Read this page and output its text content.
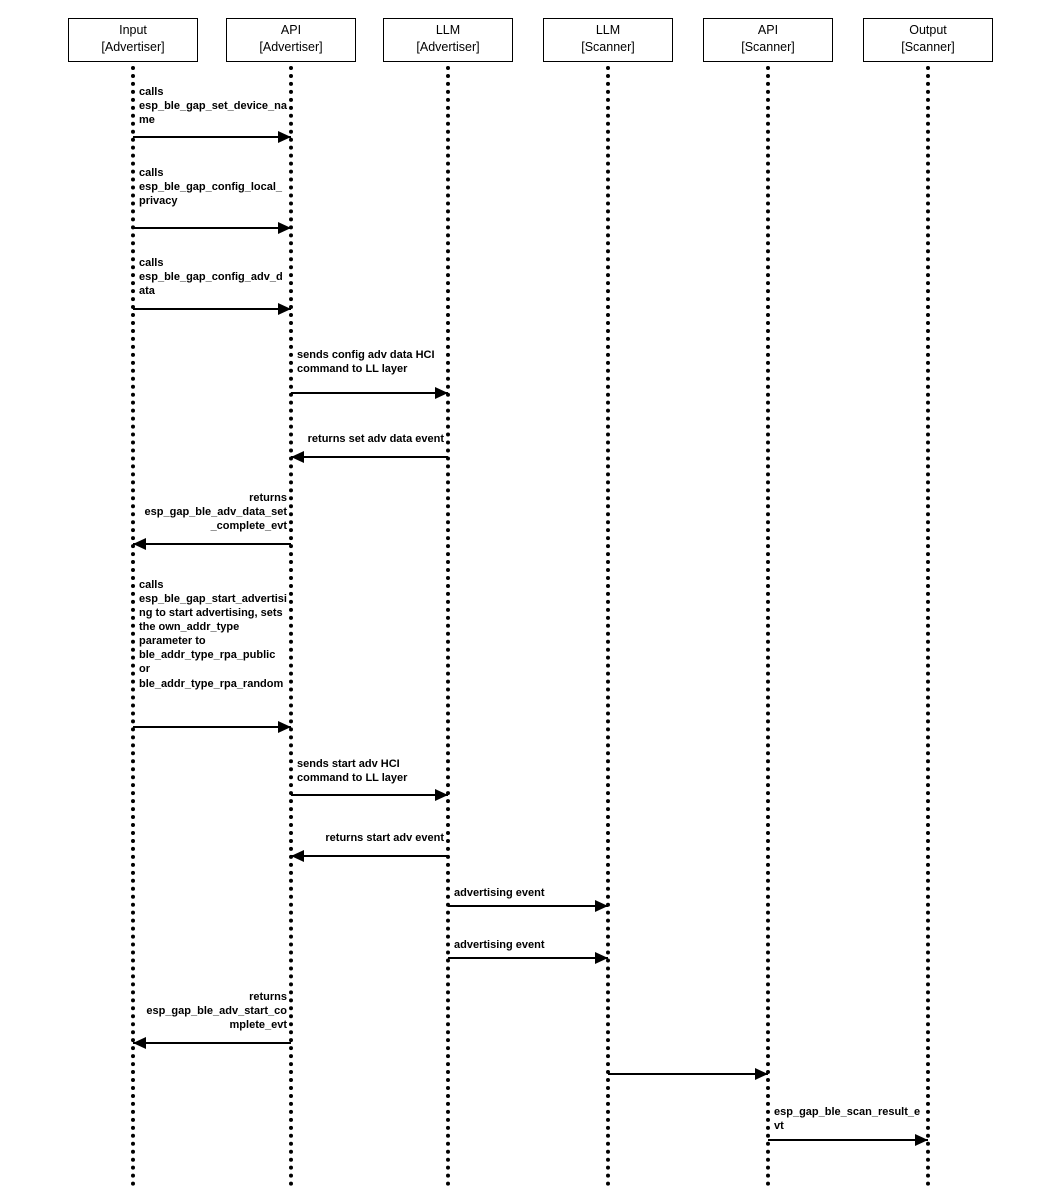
Input
[Advertiser]
API
[Advertiser]
LLM
[Advertiser]
LLM
[Scanner]
API
[Scanner]
Output
[Scanner]
calls esp_ble_gap_set_device_name
calls esp_ble_gap_config_local_privacy
calls esp_ble_gap_config_adv_data
sends config adv data HCI command to LL layer
returns set adv data event
returns esp_gap_ble_adv_data_set_complete_evt
calls esp_ble_gap_start_advertising to start advertising, sets the own_addr_type parameter to ble_addr_type_rpa_public or ble_addr_type_rpa_random
sends start adv HCI command to LL layer
returns start adv event
advertising event
advertising event
returns esp_gap_ble_adv_start_complete_evt
esp_gap_ble_scan_result_evt
